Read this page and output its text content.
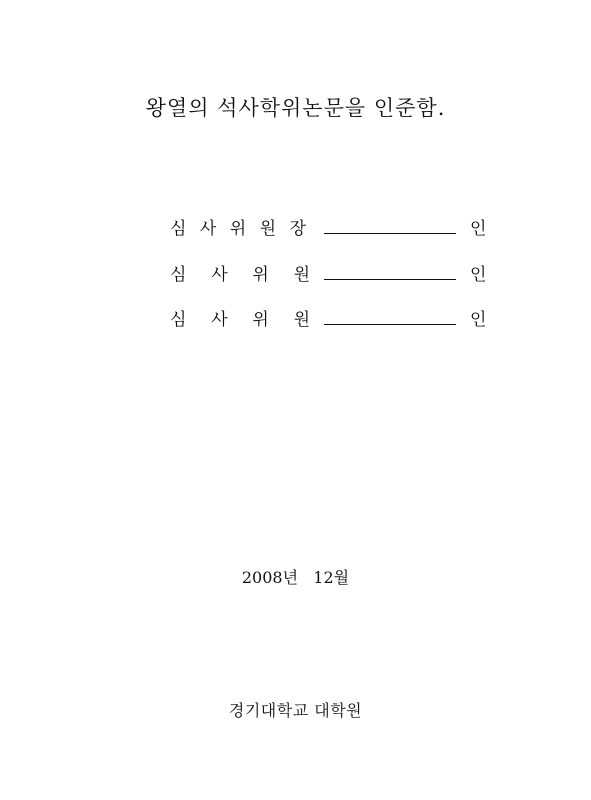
왕열의 석사학위논문을 인준함.
심 사 위 원 장	인
심 사 위 원	인
심 사 위 원	인
2008년   12월
경기대학교 대학원
